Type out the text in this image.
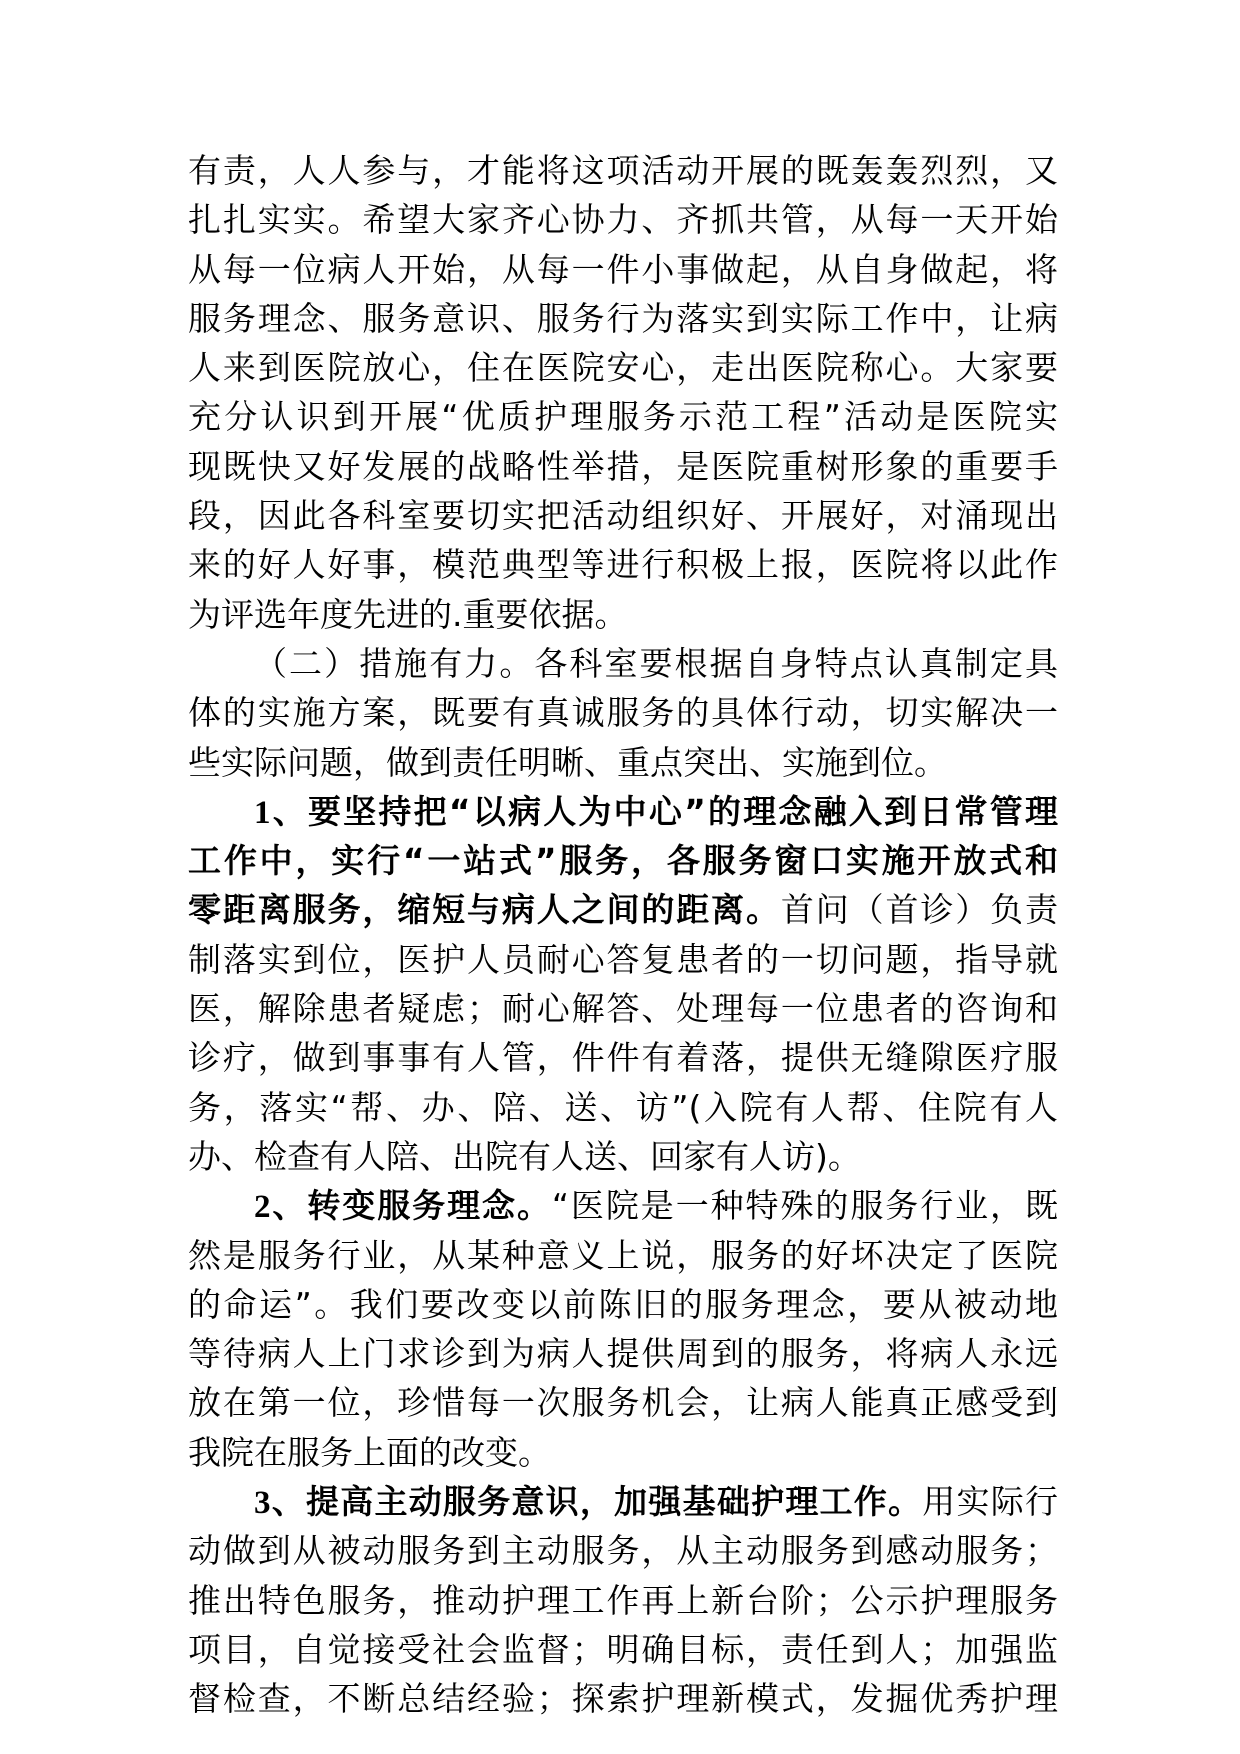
有责，人人参与，才能将这项活动开展的既轰轰烈烈，又
扎扎实实。希望大家齐心协力、齐抓共管，从每一天开始
从每一位病人开始，从每一件小事做起，从自身做起，将
服务理念、服务意识、服务行为落实到实际工作中，让病
人来到医院放心，住在医院安心，走出医院称心。大家要
充分认识到开展“优质护理服务示范工程”活动是医院实
现既快又好发展的战略性举措，是医院重树形象的重要手
段，因此各科室要切实把活动组织好、开展好，对涌现出
来的好人好事，模范典型等进行积极上报，医院将以此作
为评选年度先进的.重要依据。
（二）措施有力。各科室要根据自身特点认真制定具
体的实施方案，既要有真诚服务的具体行动，切实解决一
些实际问题，做到责任明晰、重点突出、实施到位。
1、要坚持把“以病人为中心”的理念融入到日常管理
工作中，实行“一站式”服务，各服务窗口实施开放式和
零距离服务，缩短与病人之间的距离。首问（首诊）负责
制落实到位，医护人员耐心答复患者的一切问题，指导就
医，解除患者疑虑；耐心解答、处理每一位患者的咨询和
诊疗，做到事事有人管，件件有着落，提供无缝隙医疗服
务，落实“帮、办、陪、送、访”(入院有人帮、住院有人
办、检查有人陪、出院有人送、回家有人访)。
2、转变服务理念。“医院是一种特殊的服务行业，既
然是服务行业，从某种意义上说，服务的好坏决定了医院
的命运”。我们要改变以前陈旧的服务理念，要从被动地
等待病人上门求诊到为病人提供周到的服务，将病人永远
放在第一位，珍惜每一次服务机会，让病人能真正感受到
我院在服务上面的改变。
3、提高主动服务意识，加强基础护理工作。用实际行
动做到从被动服务到主动服务，从主动服务到感动服务；
推出特色服务，推动护理工作再上新台阶；公示护理服务
项目，自觉接受社会监督；明确目标，责任到人；加强监
督检查，不断总结经验；探索护理新模式，发掘优秀护理
